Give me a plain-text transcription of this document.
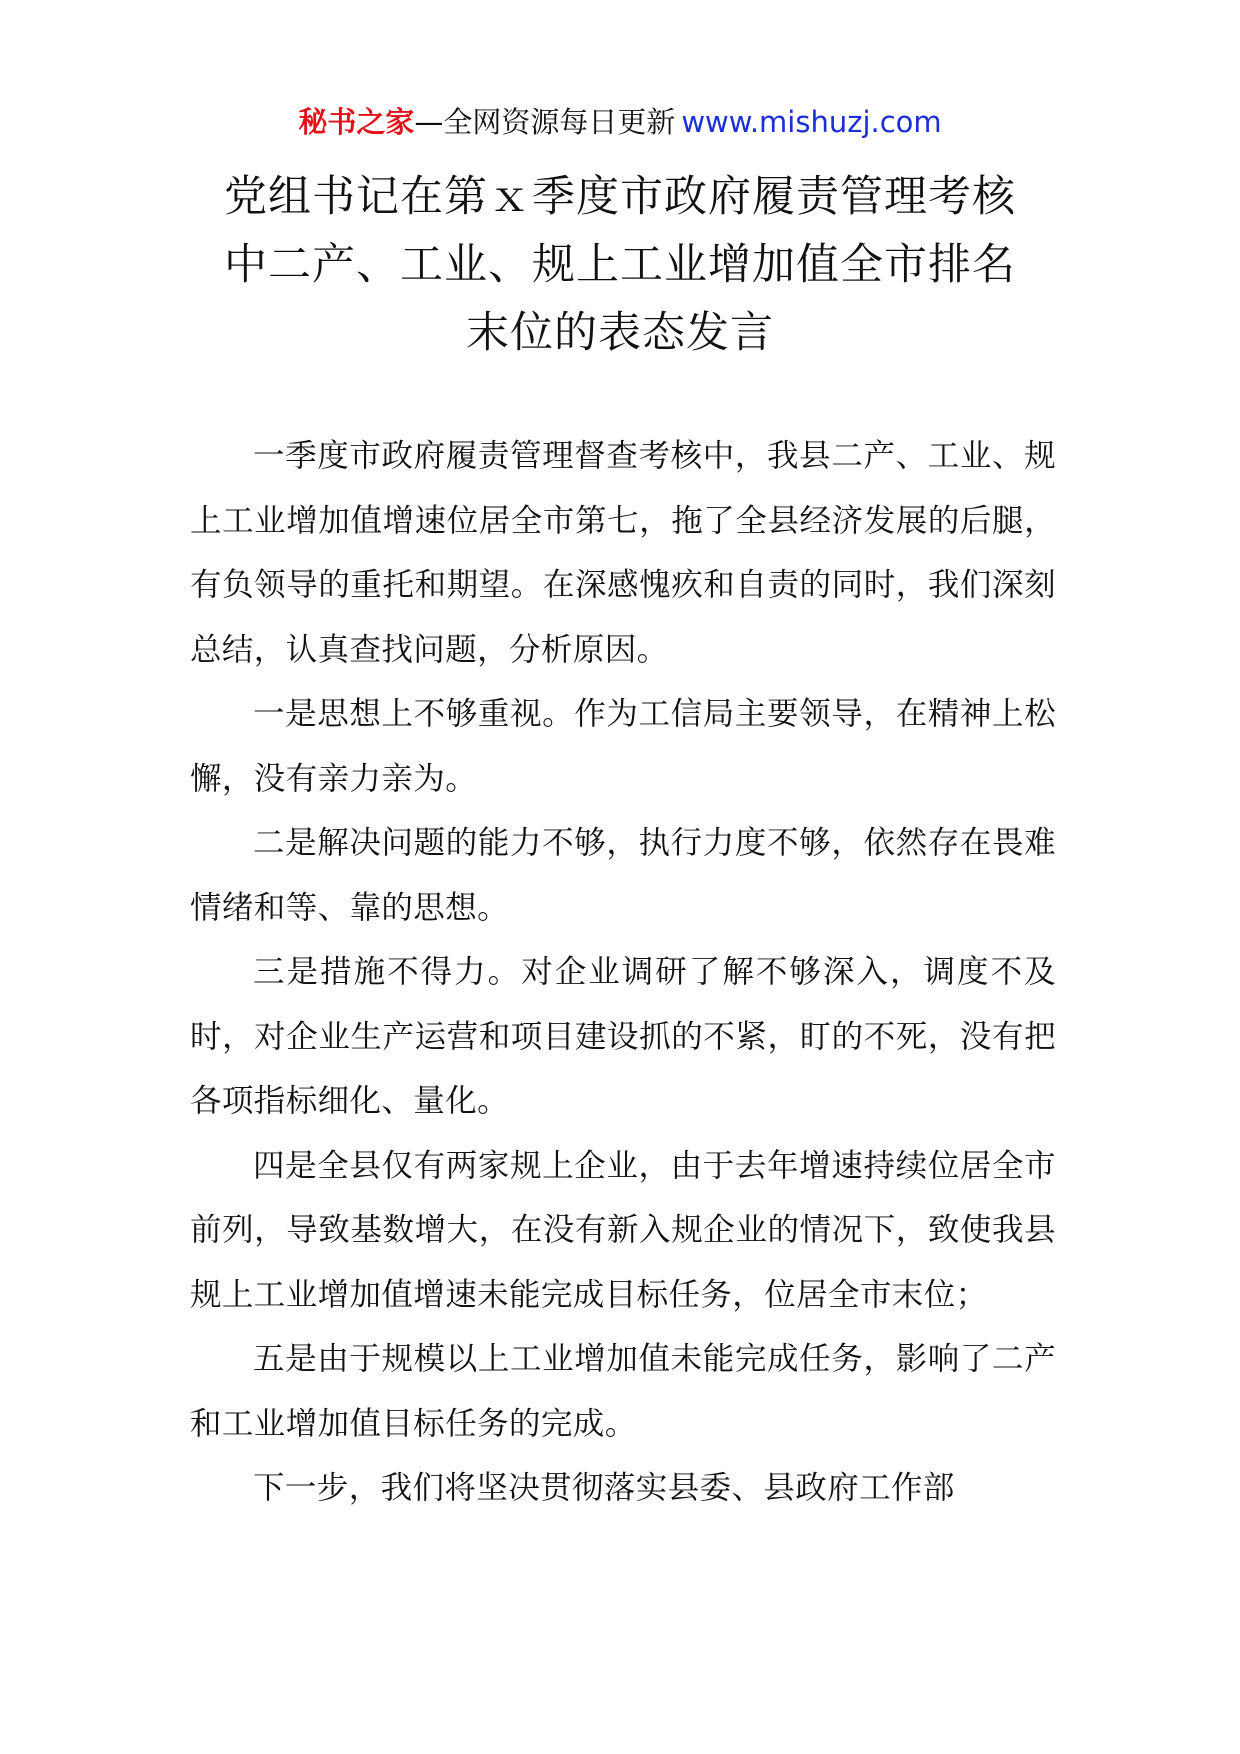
秘书之家—全网资源每日更新 www.mishuzj.com
党组书记在第ｘ季度市政府履责管理考核
中二产、工业、规上工业增加值全市排名
末位的表态发言

一季度市政府履责管理督查考核中，我县二产、工业、规上工业增加值增速位居全市第七，拖了全县经济发展的后腿，有负领导的重托和期望。在深感愧疚和自责的同时，我们深刻总结，认真查找问题，分析原因。

一是思想上不够重视。作为工信局主要领导，在精神上松懈，没有亲力亲为。

二是解决问题的能力不够，执行力度不够，依然存在畏难情绪和等、靠的思想。

三是措施不得力。对企业调研了解不够深入，调度不及时，对企业生产运营和项目建设抓的不紧，盯的不死，没有把各项指标细化、量化。

四是全县仅有两家规上企业，由于去年增速持续位居全市前列，导致基数增大，在没有新入规企业的情况下，致使我县规上工业增加值增速未能完成目标任务，位居全市末位；

五是由于规模以上工业增加值未能完成任务，影响了二产和工业增加值目标任务的完成。

下一步，我们将坚决贯彻落实县委、县政府工作部
